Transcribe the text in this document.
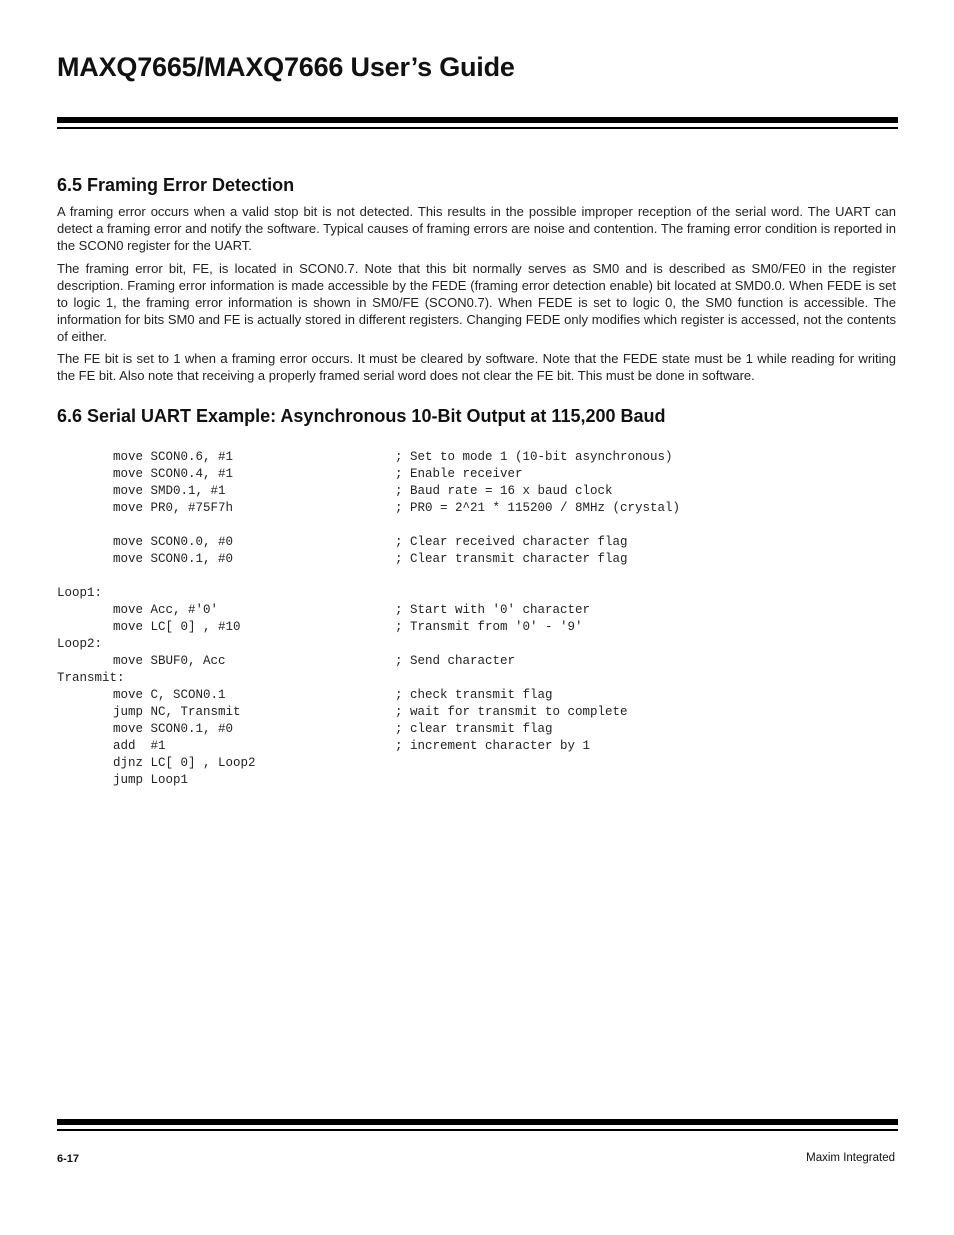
MAXQ7665/MAXQ7666 User’s Guide
6.5 Framing Error Detection

A framing error occurs when a valid stop bit is not detected. This results in the possible improper reception of the serial word. The UART can detect a framing error and notify the software. Typical causes of framing errors are noise and contention. The framing error condition is reported in the SCON0 register for the UART.

The framing error bit, FE, is located in SCON0.7. Note that this bit normally serves as SM0 and is described as SM0/FE0 in the register description. Framing error information is made accessible by the FEDE (framing error detection enable) bit located at SMD0.0. When FEDE is set to logic 1, the framing error information is shown in SM0/FE (SCON0.7). When FEDE is set to logic 0, the SM0 function is accessible. The information for bits SM0 and FE is actually stored in different registers. Changing FEDE only modifies which register is accessed, not the contents of either.

The FE bit is set to 1 when a framing error occurs. It must be cleared by software. Note that the FEDE state must be 1 while reading for writing the FE bit. Also note that receiving a properly framed serial word does not clear the FE bit. This must be done in software.

6.6 Serial UART Example: Asynchronous 10-Bit Output at 115,200 Baud
move SCON0.6, #1	; Set to mode 1 (10-bit asynchronous)
move SCON0.4, #1	; Enable receiver
move SMD0.1, #1	; Baud rate = 16 x baud clock
move PR0, #75F7h	; PR0 = 2^21 * 115200 / 8MHz (crystal)
move SCON0.0, #0	; Clear received character flag
move SCON0.1, #0	; Clear transmit character flag
Loop1:
move Acc, #'0'	; Start with '0' character
move LC[ 0] , #10	; Transmit from '0' - '9'
Loop2:
move SBUF0, Acc	; Send character
Transmit:
move C, SCON0.1	; check transmit flag
jump NC, Transmit	; wait for transmit to complete
move SCON0.1, #0	; clear transmit flag
add  #1	; increment character by 1
djnz LC[ 0] , Loop2
jump Loop1
6-17	Maxim Integrated
